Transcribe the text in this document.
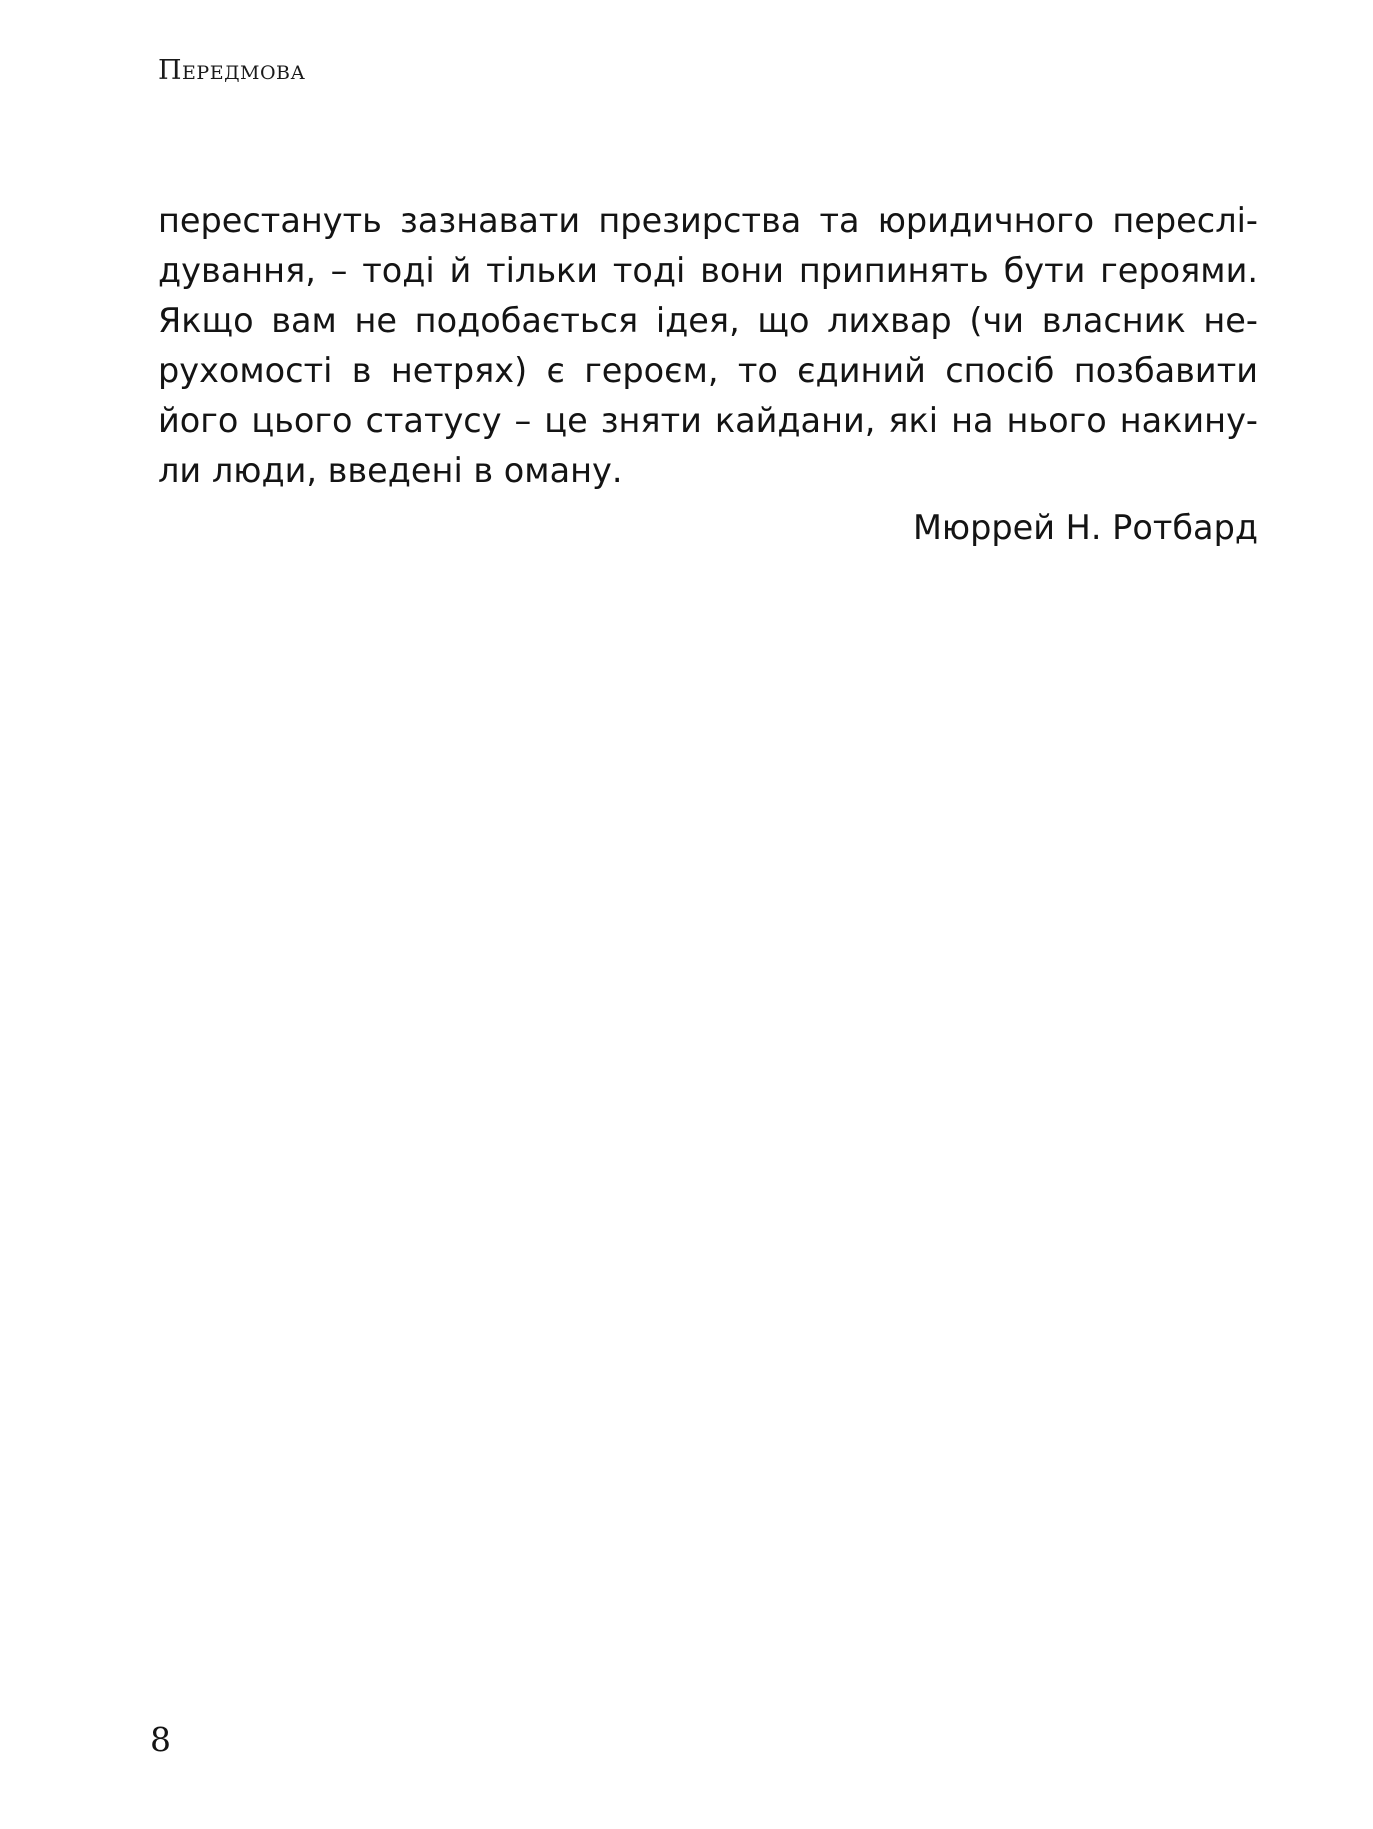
Передмова
перестануть зазнавати презирства та юридичного переслі-
дування, – тоді й тільки тоді вони припинять бути героями.
Якщо вам не подобається ідея, що лихвар (чи власник не-
рухомості в нетрях) є героєм, то єдиний спосіб позбавити
його цього статусу – це зняти кайдани, які на нього накину-
ли люди, введені в оману.
Мюррей Н. Ротбард
8
